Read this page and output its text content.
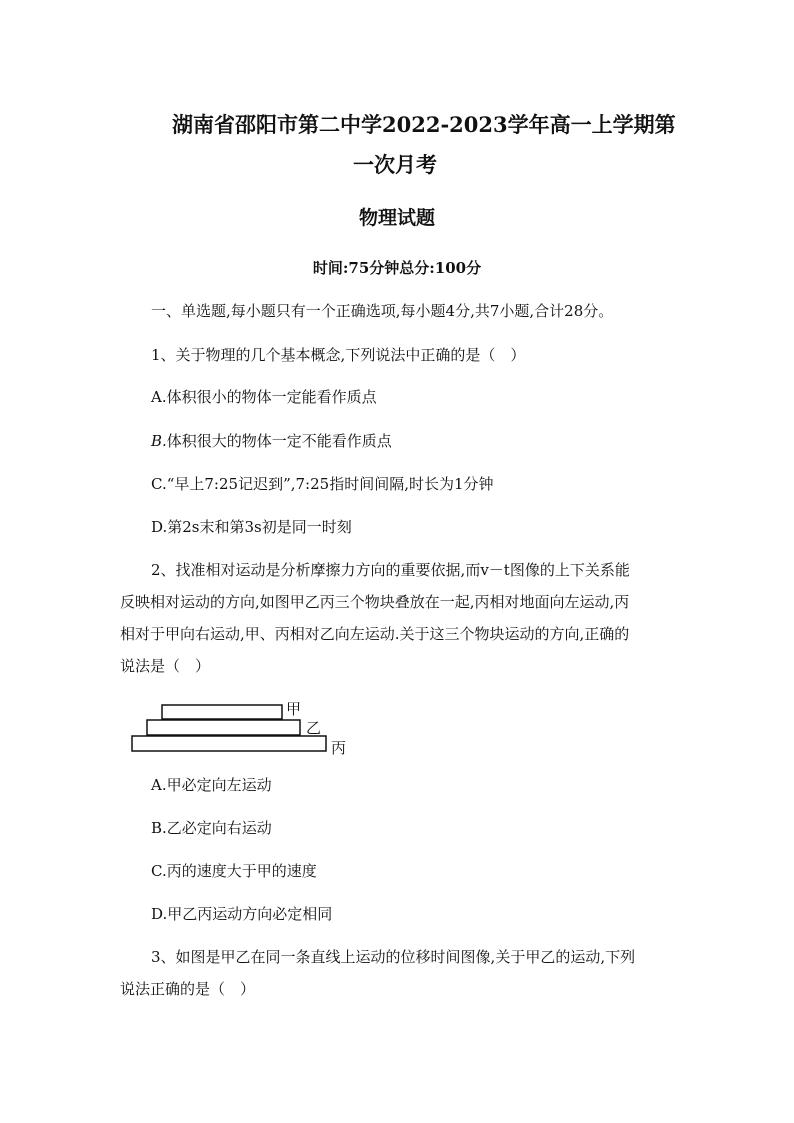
湖南省邵阳市第二中学2022-2023学年高一上学期第
一次月考
物理试题
时间:75分钟总分:100分
一、单选题,每小题只有一个正确选项,每小题4分,共7小题,合计28分。
1、关于物理的几个基本概念,下列说法中正确的是（　）
A.体积很小的物体一定能看作质点
B.体积很大的物体一定不能看作质点
C.“早上7:25记迟到”,7:25指时间间隔,时长为1分钟
D.第2s末和第3s初是同一时刻
2、找准相对运动是分析摩擦力方向的重要依据,而v－t图像的上下关系能
反映相对运动的方向,如图甲乙丙三个物块叠放在一起,丙相对地面向左运动,丙
相对于甲向右运动,甲、丙相对乙向左运动.关于这三个物块运动的方向,正确的
说法是（　）
甲
乙
丙
A.甲必定向左运动
B.乙必定向右运动
C.丙的速度大于甲的速度
D.甲乙丙运动方向必定相同
3、如图是甲乙在同一条直线上运动的位移时间图像,关于甲乙的运动,下列
说法正确的是（　）
